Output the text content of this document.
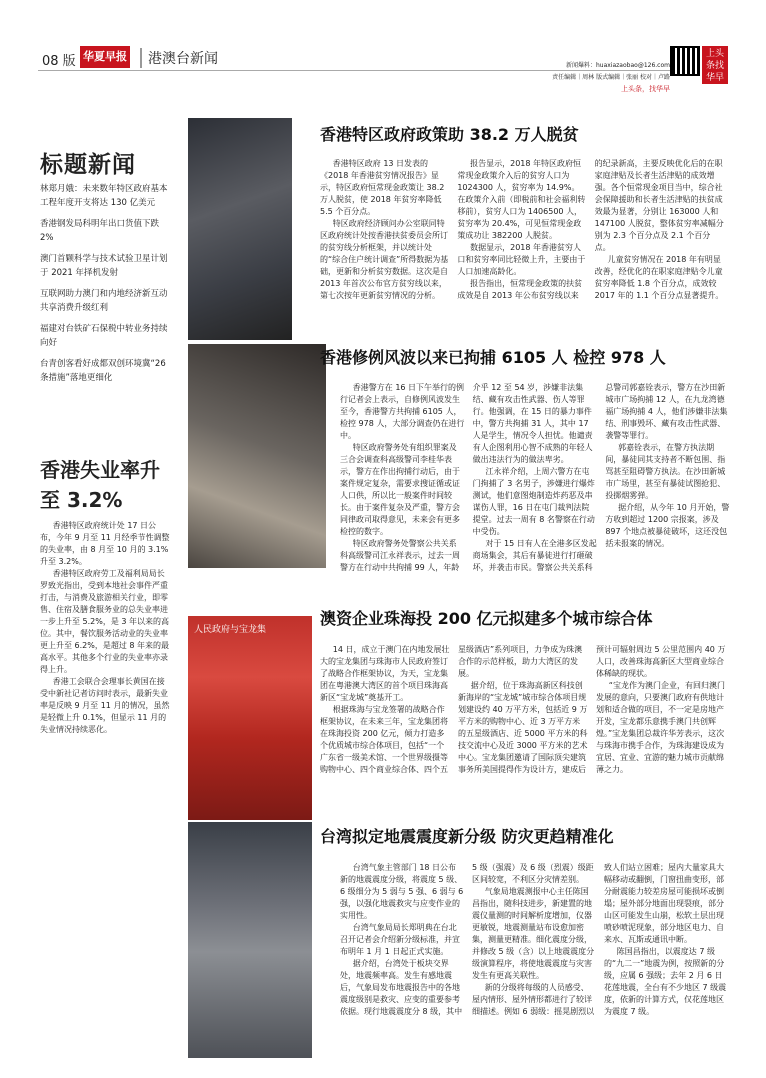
08 版 华夏早报	港澳台新闻	新闻爆料：huaxiazaobao@126.com
责任编辑｜周林 版式编辑｜张丽 校对｜卢路
上头条，找华早
上头条找华早
标题新闻
林郑月娥：未来数年特区政府基本工程年度开支将达 130 亿美元
香港钢发局科明年出口货值下跌 2%
澳门首颗科学与技术试验卫星计划于 2021 年择机发射
互联网助力澳门和内地经济新互动 共享消费升级红利
福建对台铁矿石保税中转业务持续向好
台青创客看好成都双创环境冀“26 条措施”落地更细化
香港失业率升至 3.2%

香港特区政府统计处 17 日公布，今年 9 月至 11 月经季节性调整的失业率，由 8 月至 10 月的 3.1% 升至 3.2%。

香港特区政府劳工及福利局局长罗致光指出，受到本地社会事件严重打击，与消费及旅游相关行业，即零售、住宿及膳食服务业的总失业率进一步上升至 5.2%，是 3 年以来的高位。其中，餐饮服务活动业的失业率更上升至 6.2%，是超过 8 年来的最高水平。其他多个行业的失业率亦录得上升。

香港工会联合会理事长黄国在接受中新社记者访问时表示，最新失业率是反映 9 月至 11 月的情况，虽然是轻微上升 0.1%，但显示 11 月的失业情况持续恶化。

香港特区政府政策助 38.2 万人脱贫

香港特区政府 13 日发表的《2018 年香港贫穷情况报告》显示，特区政府恒常现金政策让 38.2 万人脱贫，使 2018 年贫穷率降低 5.5 个百分点。

特区政府经济顾问办公室联同特区政府统计处按香港扶贫委员会所订的贫穷线分析框架，并以统计处的“综合住户统计调查”所得数据为基础，更新和分析贫穷数据。这次是自 2013 年首次公布官方贫穷线以来，第七次按年更新贫穷情况的分析。

报告显示，2018 年特区政府恒常现金政策介入后的贫穷人口为 1024300 人，贫穷率为 14.9%。在政策介入前（即税前和社会福利转移前），贫穷人口为 1406500 人，贫穷率为 20.4%，可见恒常现金政策成功让 382200 人脱贫。

数据显示，2018 年香港贫穷人口和贫穷率同比轻微上升，主要由于人口加速高龄化。

报告指出，恒常现金政策的扶贫成效是自 2013 年公布贫穷线以来的纪录新高，主要反映优化后的在职家庭津贴及长者生活津贴的成效增强。各个恒常现金项目当中，综合社会保障援助和长者生活津贴的扶贫成效最为显著，分别让 163000 人和 147100 人脱贫，整体贫穷率减幅分别为 2.3 个百分点及 2.1 个百分点。

儿童贫穷情况在 2018 年有明显改善，经优化的在职家庭津贴令儿童贫穷率降低 1.8 个百分点，成效较 2017 年的 1.1 个百分点显著提升。

香港修例风波以来已拘捕 6105 人 检控 978 人

香港警方在 16 日下午举行的例行记者会上表示，自修例风波发生至今，香港警方共拘捕 6105 人，检控 978 人，大部分调查仍在进行中。

特区政府警务处有组织罪案及三合会调查科高级警司李桂华表示，警方在作出拘捕行动后，由于案件规定复杂，需要求搜证循或证人口供，所以比一般案件时间较长。由于案件复杂及严重，警方会同律政司取得意见，未来会有更多检控的数字。

特区政府警务处警察公共关系科高级警司江永祥表示，过去一周警方在行动中共拘捕 99 人，年龄介乎 12 至 54 岁，涉嫌非法集结、藏有攻击性武器、伤人等罪行。他强调，在 15 日的暴力事件中，警方共拘捕 31 人，其中 17 人是学生，情况令人担忧。他谴责有人企图利用心智不成熟的年轻人做出违法行为的做法卑劣。

江永祥介绍，上周六警方在屯门拘捕了 3 名男子，涉嫌进行爆炸测试，他们意图炮制造炸药恶及串谋伤人罪，16 日在屯门裁判法院提堂。过去一周有 8 名警察在行动中受伤。

对于 15 日有人在全港多区发起商场集会，其后有暴徒进行打砸破坏，并袭击市民。警察公共关系科总警司郭嘉铨表示，警方在沙田新城市广场拘捕 12 人，在九龙湾德福广场拘捕 4 人，他们涉嫌非法集结、刑事毁坏、藏有攻击性武器、袭警等罪行。

郭嘉铨表示，在警方执法期间，暴徒同其支持者不断包围、指骂甚至阻碍警方执法。在沙田新城市广场里，甚至有暴徒试图抢犯、投掷烟雾弹。

据介绍，从今年 10 月开始，警方收到超过 1200 宗报案，涉及 897 个地点被暴徒破坏，这还没包括未报案的情况。

人民政府与宝龙集
澳资企业珠海投 200 亿元拟建多个城市综合体

14 日，成立于澳门在内地发展壮大的宝龙集团与珠海市人民政府签订了战略合作框架协议，为天，宝龙集团在粤港澳大湾区的首个项目珠海高新区“宝龙城”奠基开工。

根据珠海与宝龙签署的战略合作框架协议，在未来三年，宝龙集团将在珠海投资 200 亿元，倾力打造多个优质城市综合体项目，包括“一个广东省一级美术馆、一个世界级摄等购物中心、四个商业综合体、四个五星级酒店”系列项目，力争成为珠澳合作的示范样板，助力大湾区的发展。

据介绍，位于珠海高新区科技创新海岸的“宝龙城”城市综合体项目规划建设约 40 万平方米，包括近 9 万平方米的购物中心、近 3 万平方米的五星级酒店、近 5000 平方米的科技交流中心及近 3000 平方米的艺术中心。宝龙集团邀请了国际顶尖建筑事务所美国提得作为设计方，建成后预计可辐射周边 5 公里范围内 40 万人口，改善珠海高新区大型商业综合体稀缺的现状。

“宝龙作为澳门企业，有回归澳门发展的意向，只要澳门政府有供地计划和适合做的项目，不一定是房地产开发，宝龙都乐意携手澳门共创辉煌。”宝龙集团总裁许华芳表示，这次与珠海市携手合作，为珠海建设成为宜居、宜业、宜游的魅力城市贡献绵薄之力。

台湾拟定地震震度新分级 防灾更趋精准化

台湾气象主管部门 18 日公布新的地震震度分级，将震度 5 级、6 级细分为 5 弱与 5 强、6 弱与 6 强，以强化地震救灾与应变作业的实用性。

台湾气象局局长郑明典在台北召开记者会介绍新分级标准，并宣布明年 1 月 1 日起正式实施。

据介绍，台湾处于板块交界处，地震频率高。发生有感地震后，气象局发布地震报告中的各地震度级别是救灾、应变的重要参考依据。现行地震震度分 8 级，其中 5 级（强震）及 6 级（烈震）级距区间较宽，不利区分灾情差别。

气象局地震测报中心主任陈国昌指出，随科技进步，新建置的地震仪量测的时间解析度增加，仪器更敏锐，地震测量站布设愈加密集，测量更精准。细化震度分级，并修改 5 级（含）以上地震震度分级演算程序，将使地震震度与灾害发生有更高关联性。

新的分级将每级的人员感受、屋内情形、屋外情形都进行了较详细描述。例如 6 弱级：摇晃剧烈以致人们站立困难；屋内大量家具大幅移动或翻倒，门窗扭曲变形，部分耐震能力较差房屋可能损坏或倒塌；屋外部分地面出现裂痕，部分山区可能发生山崩，松软土层出现喷砂喷泥现象，部分地区电力、自来水、瓦斯或通讯中断。

陈国昌指出，以震度达 7 级的“九二一”地震为例，按照新的分级，应属 6 强级；去年 2 月 6 日花莲地震，全台有不少地区 7 级震度，依新的计算方式，仅花莲地区为震度 7 级。
